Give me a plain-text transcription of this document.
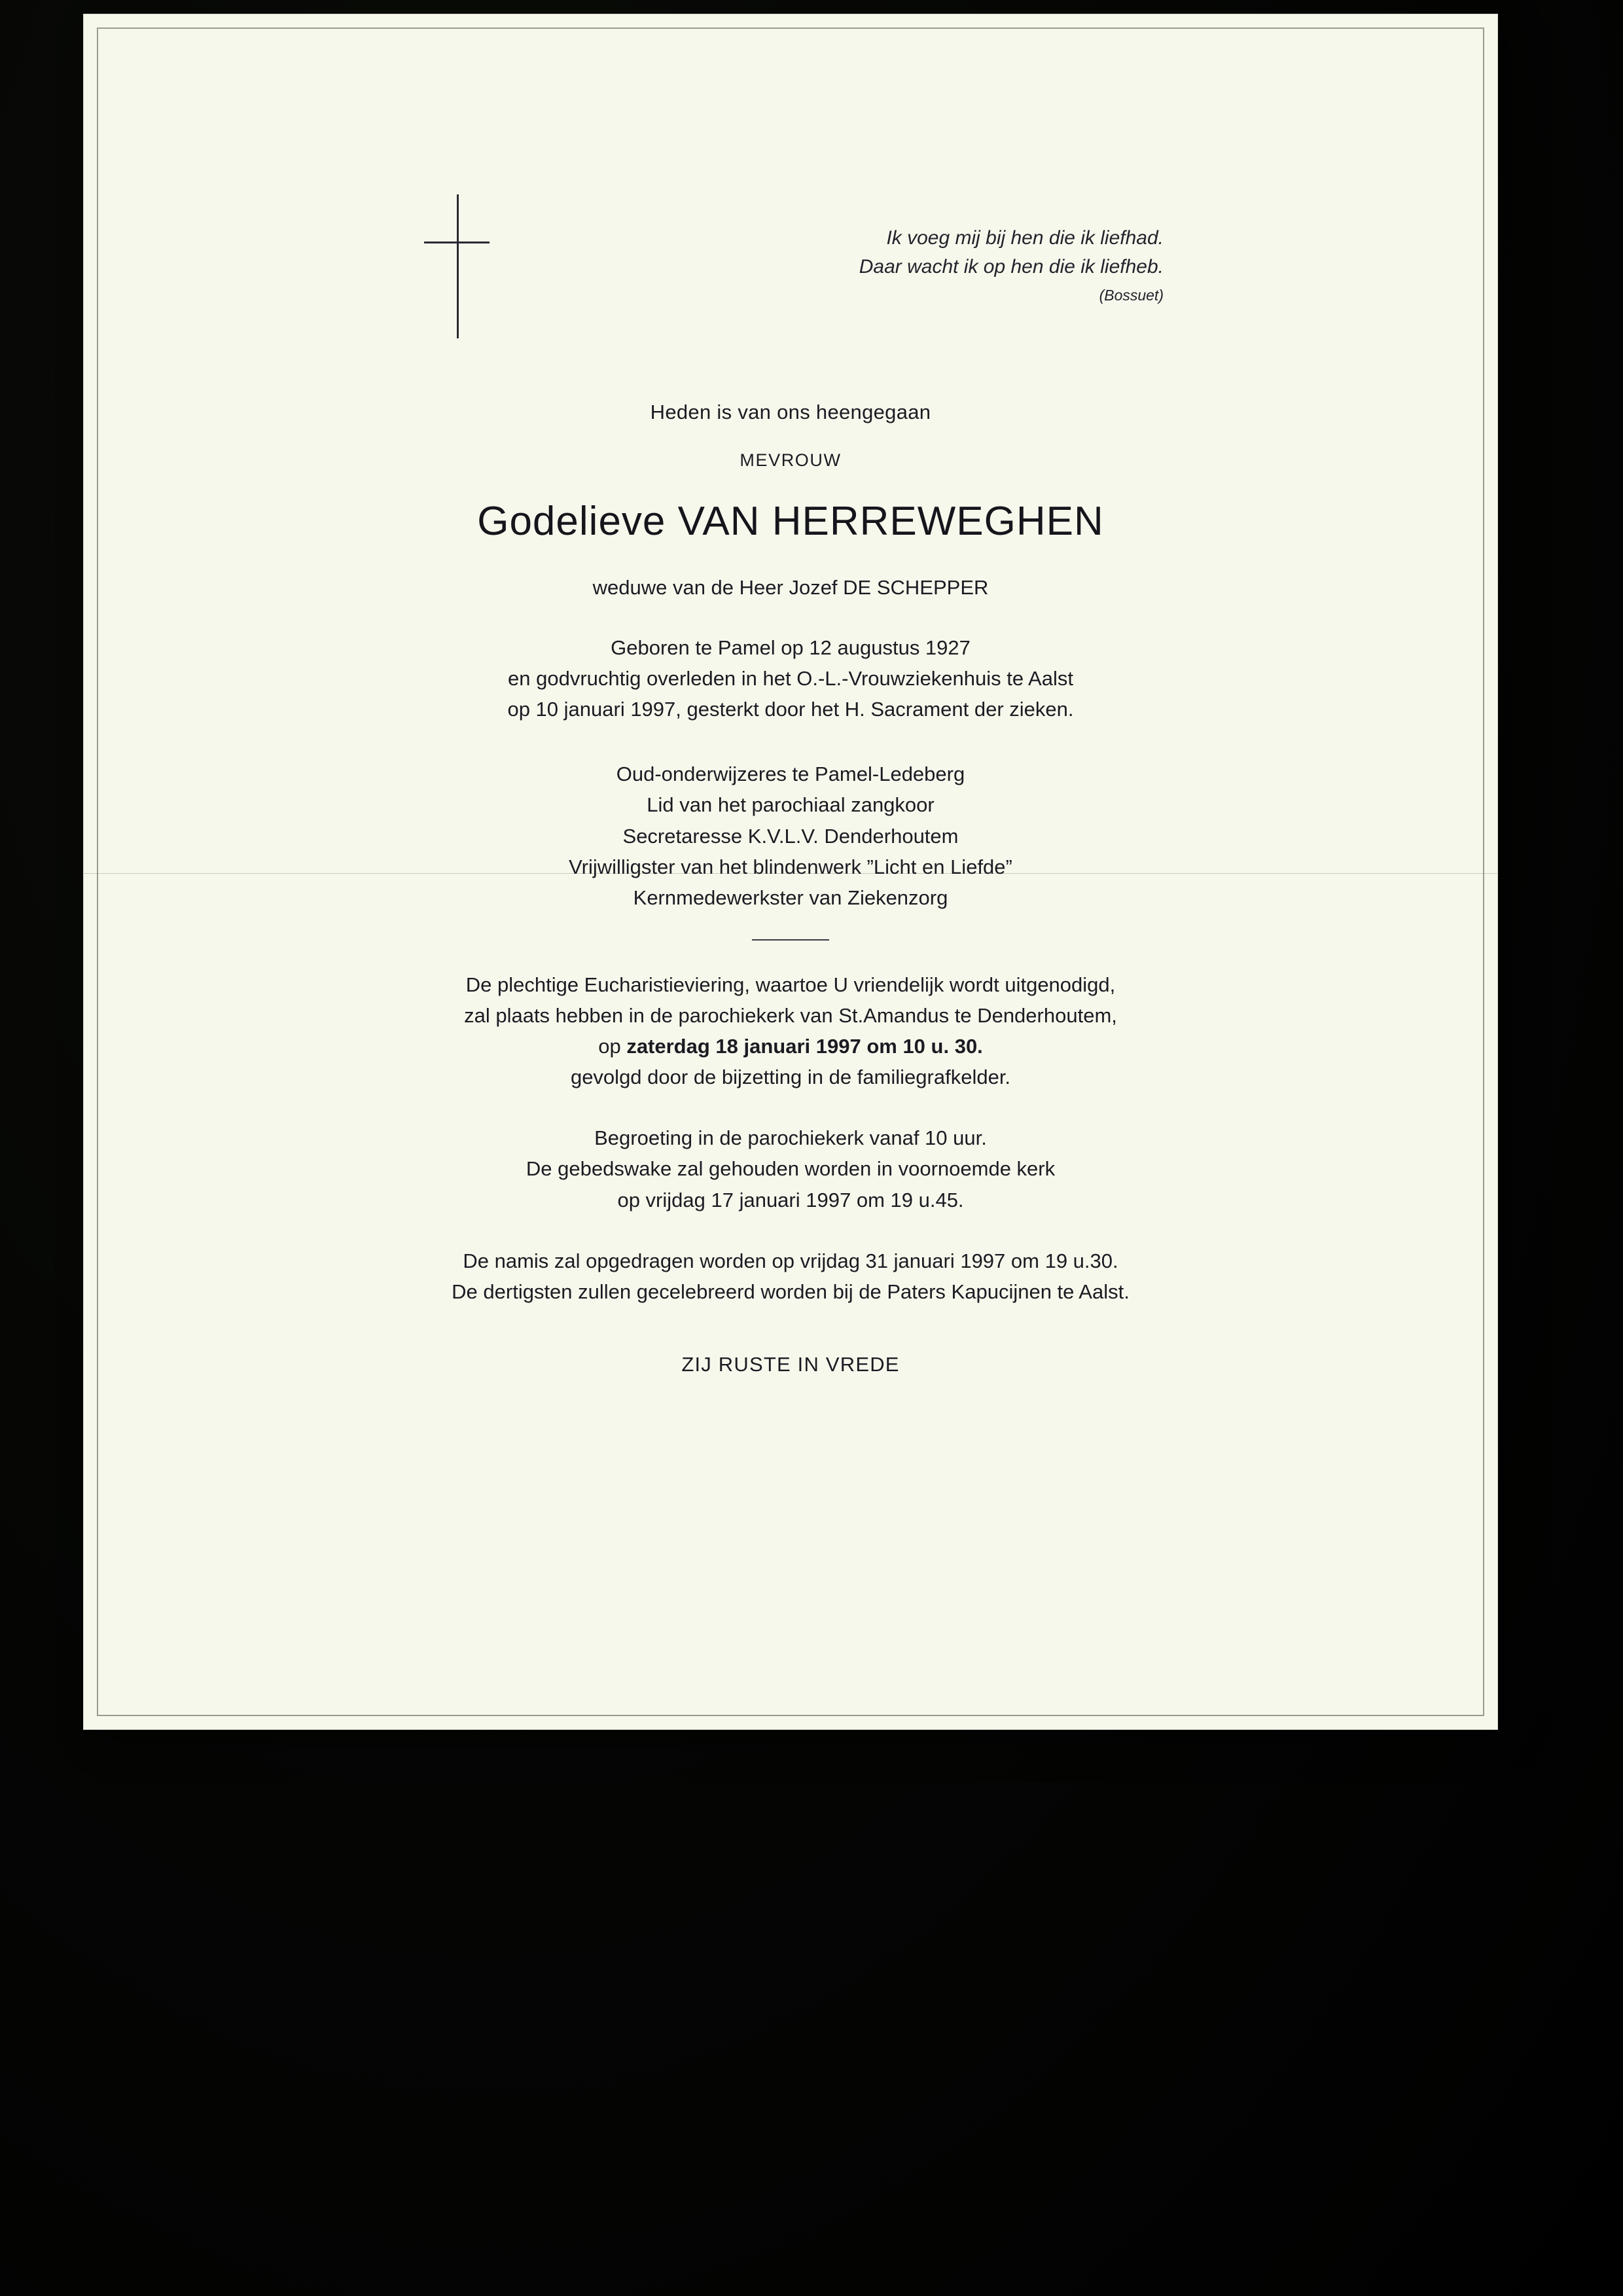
Ik voeg mij bij hen die ik liefhad.
Daar wacht ik op hen die ik liefheb.
(Bossuet)
Heden is van ons heengegaan
MEVROUW
Godelieve VAN HERREWEGHEN
weduwe van de Heer Jozef DE SCHEPPER
Geboren te Pamel op 12 augustus 1927
en godvruchtig overleden in het O.-L.-Vrouwziekenhuis te Aalst
op 10 januari 1997, gesterkt door het H. Sacrament der zieken.
Oud-onderwijzeres te Pamel-Ledeberg
Lid van het parochiaal zangkoor
Secretaresse K.V.L.V. Denderhoutem
Vrijwilligster van het blindenwerk ”Licht en Liefde”
Kernmedewerkster van Ziekenzorg
De plechtige Eucharistieviering, waartoe U vriendelijk wordt uitgenodigd,
zal plaats hebben in de parochiekerk van St.Amandus te Denderhoutem,
op zaterdag 18 januari 1997 om 10 u. 30.
gevolgd door de bijzetting in de familiegrafkelder.
Begroeting in de parochiekerk vanaf 10 uur.
De gebedswake zal gehouden worden in voornoemde kerk
op vrijdag 17 januari 1997 om 19 u.45.
De namis zal opgedragen worden op vrijdag 31 januari 1997 om 19 u.30.
De dertigsten zullen gecelebreerd worden bij de Paters Kapucijnen te Aalst.
ZIJ RUSTE IN VREDE
